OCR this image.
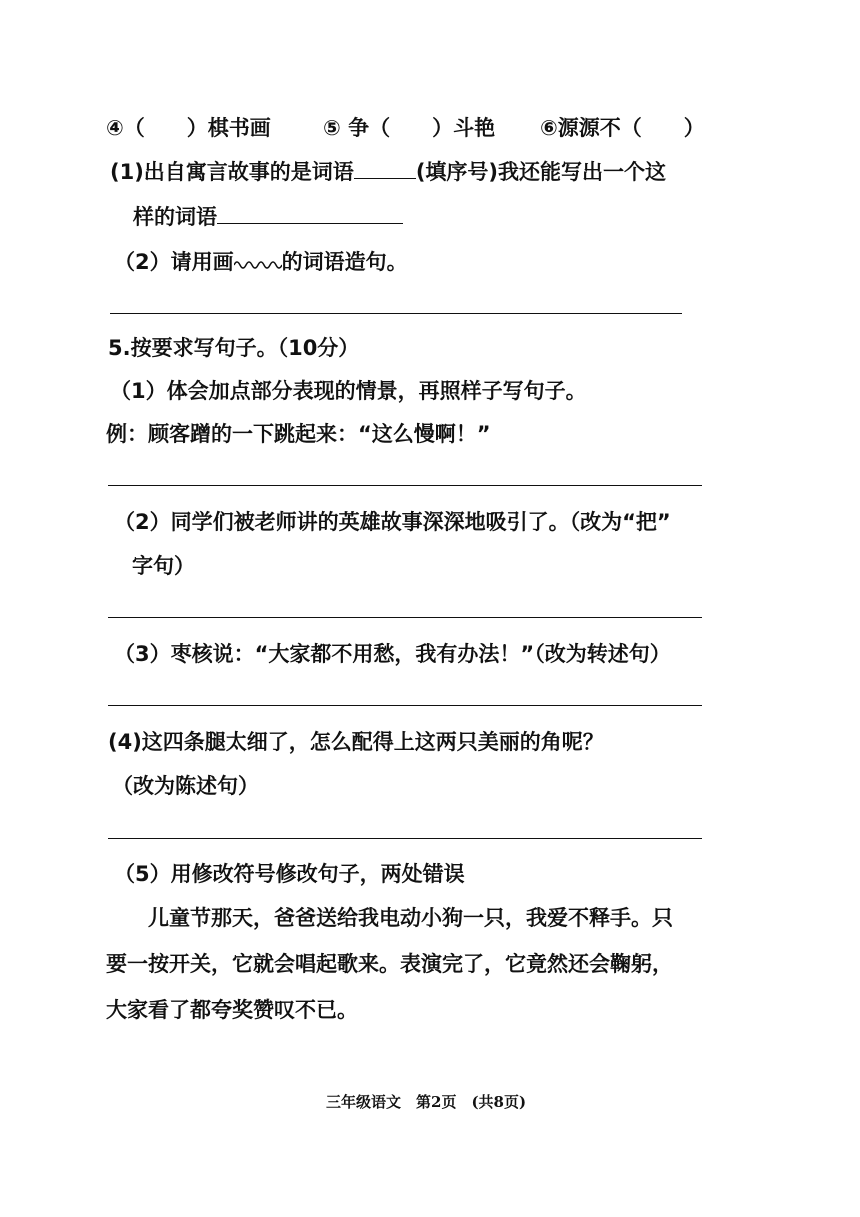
④（　　）棋书画 ⑤ 争（　　）斗艳 ⑥源源不（　　）
(1)出自寓言故事的是词语	(填序号)我还能写出一个这
样的词语
（2）请用画 的词语造句。
5.按要求写句子。（10分）
（1）体会加点部分表现的情景，再照样子写句子。
例：顾客蹭的一下跳起来：“这么慢啊！”
（2）同学们被老师讲的英雄故事深深地吸引了。（改为“把”
字句）
（3）枣核说：“大家都不用愁，我有办法！”（改为转述句）
(4)这四条腿太细了，怎么配得上这两只美丽的角呢？
（改为陈述句）
（5）用修改符号修改句子，两处错误
儿童节那天，爸爸送给我电动小狗一只，我爱不释手。只
要一按开关，它就会唱起歌来。表演完了，它竟然还会鞠躬，
大家看了都夸奖赞叹不已。
三年级语文　第2页　(共8页)
